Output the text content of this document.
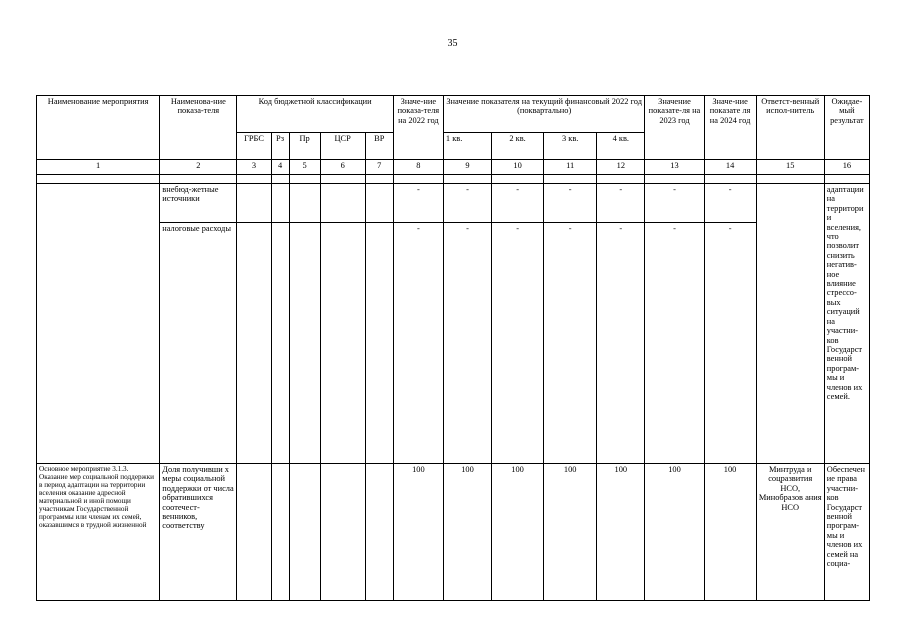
35
Наименование мероприятия	Наименова-ние показа-теля	Код бюджетной классификации					Значе-ние показа-теля на 2022 год	Значение показателя на текущий финансовый 2022 год (поквартально)				Значение показате-ля на 2023 год	Значе-ние показате ля на 2024 год	Ответст-венный испол-нитель	Ожидае-мый результат
		ГРБС	Рз	Пр	ЦСР	ВР		1 кв.	2 кв.	3 кв.	4 кв.				
1	2	3	4	5	6	7	8	9	10	11	12	13	14	15	16

	внебюд-жетные источники						-	-	-	-	-	-	-		адаптации на территори и вселения, что позволит снизить негатив-ное влияние стрессо-вых ситуаций на участни-ков Государст венной програм-мы и членов их семей.
	налоговые расходы						-	-	-	-	-	-	-		
Основное мероприятие 3.1.3. Оказание мер социальной поддержки в период адаптации на территории вселения оказание адресной материальной и иной помощи участникам Государственной программы или членам их семей, оказавшимся в трудной жизненной	Доля получивши х меры социальной поддержки от числа обратившихся соотечест-венников, соответству						100	100	100	100	100	100	100	Минтруда и соцразвития НСО, Минобразов ания НСО	Обеспечен ие права участни-ков Государст венной програм-мы и членов их семей на социа-
